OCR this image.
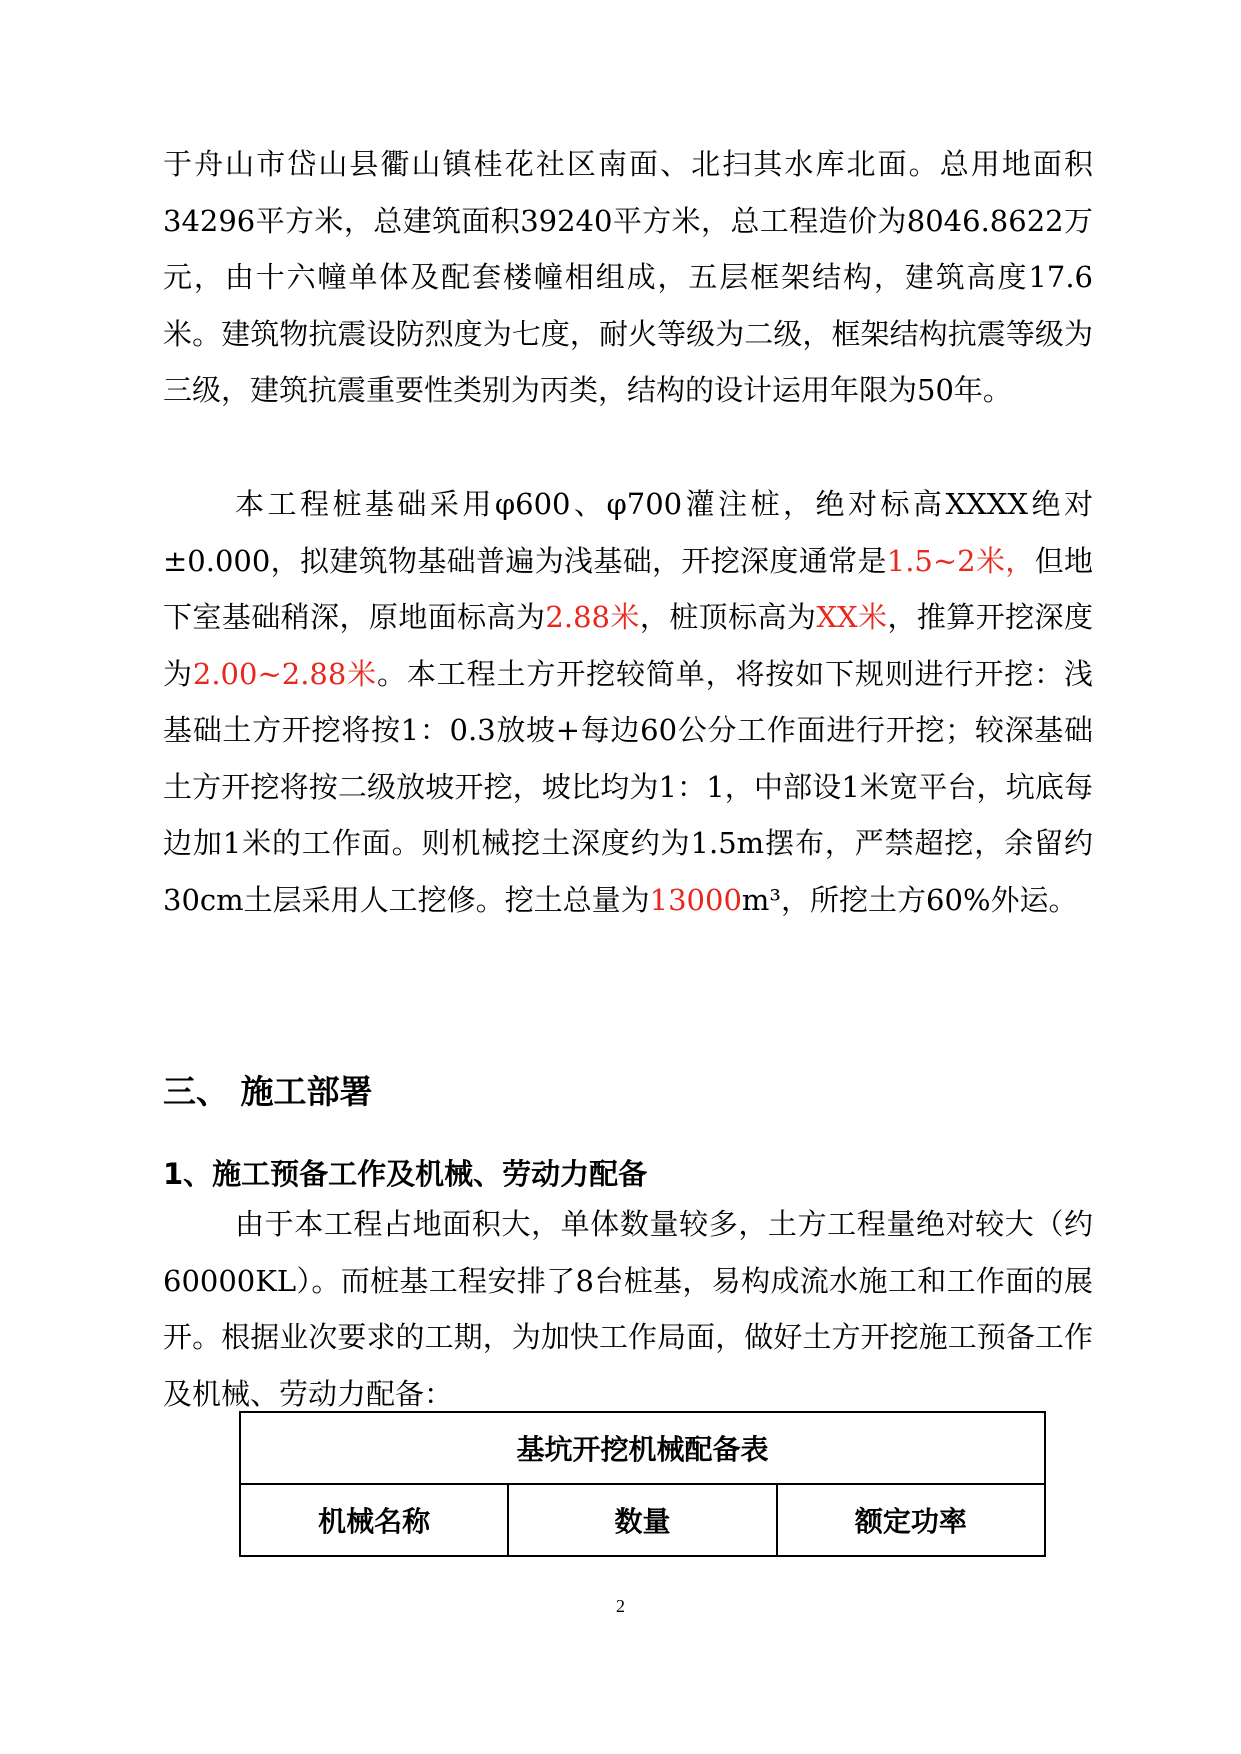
于舟山市岱山县衢山镇桂花社区南面、北扫其水库北面。总用地面积34296平方米，总建筑面积39240平方米，总工程造价为8046.8622万元，由十六幢单体及配套楼幢相组成，五层框架结构，建筑高度17.6米。建筑物抗震设防烈度为七度，耐火等级为二级，框架结构抗震等级为三级，建筑抗震重要性类别为丙类，结构的设计运用年限为50年。

本工程桩基础采用φ600、φ700灌注桩，绝对标高XXXX绝对±0.000，拟建筑物基础普遍为浅基础，开挖深度通常是1.5~2米，但地下室基础稍深，原地面标高为2.88米，桩顶标高为XX米，推算开挖深度为2.00~2.88米。本工程土方开挖较简单，将按如下规则进行开挖：浅基础土方开挖将按1：0.3放坡+每边60公分工作面进行开挖；较深基础土方开挖将按二级放坡开挖，坡比均为1：1，中部设1米宽平台，坑底每边加1米的工作面。则机械挖土深度约为1.5m摆布，严禁超挖，余留约30cm土层采用人工挖修。挖土总量为13000m³，所挖土方60%外运。

三、 施工部署
1、施工预备工作及机械、劳动力配备

由于本工程占地面积大，单体数量较多，土方工程量绝对较大（约60000KL）。而桩基工程安排了8台桩基，易构成流水施工和工作面的展开。根据业次要求的工期，为加快工作局面，做好土方开挖施工预备工作及机械、劳动力配备：

基坑开挖机械配备表
机械名称	数量	额定功率
2
